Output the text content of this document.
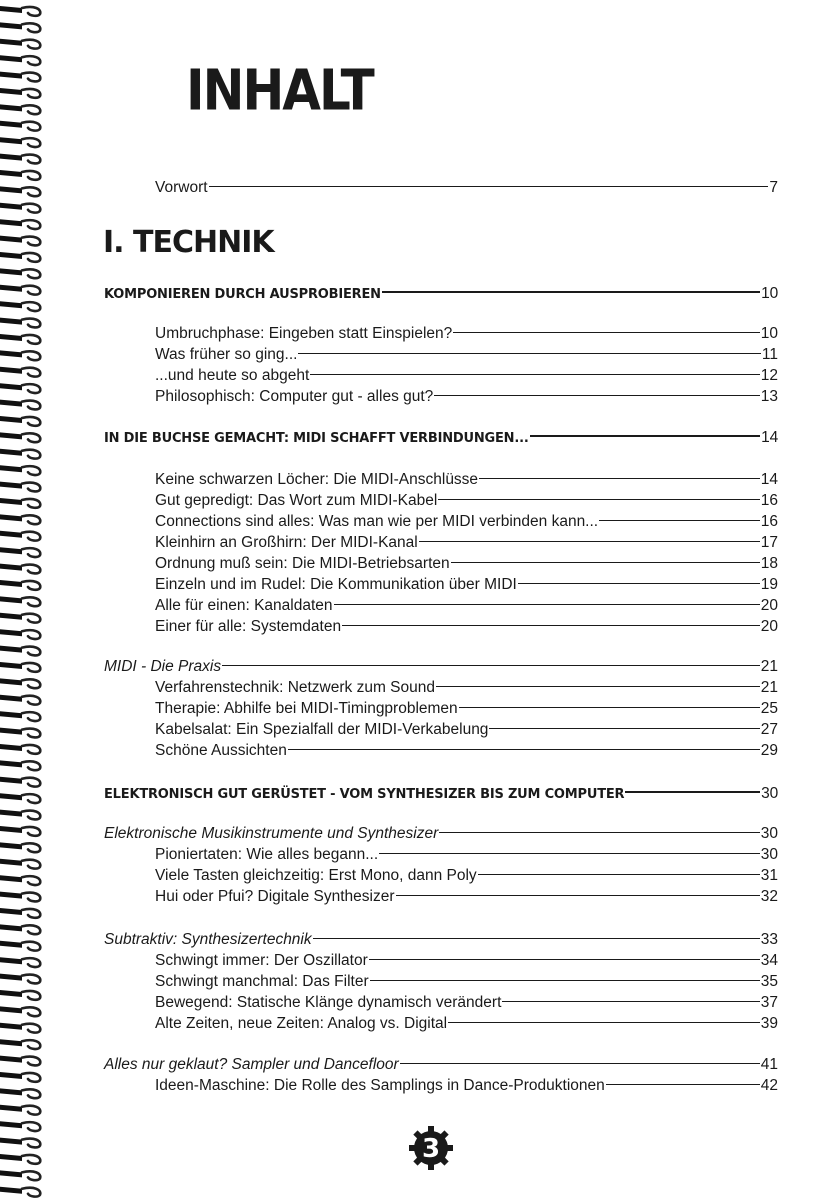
INHALT
Vorwort	7
I. TECHNIK
KOMPONIEREN DURCH AUSPROBIEREN	10
Umbruchphase: Eingeben statt Einspielen?	10
Was früher so ging...	11
...und heute so abgeht	12
Philosophisch: Computer gut - alles gut?	13
IN DIE BUCHSE GEMACHT: MIDI SCHAFFT VERBINDUNGEN...	14
Keine schwarzen Löcher: Die MIDI-Anschlüsse	14
Gut gepredigt: Das Wort zum MIDI-Kabel	16
Connections sind alles: Was man wie per MIDI verbinden kann...	16
Kleinhirn an Großhirn: Der MIDI-Kanal	17
Ordnung muß sein: Die MIDI-Betriebsarten	18
Einzeln und im Rudel: Die Kommunikation über MIDI	19
Alle für einen: Kanaldaten	20
Einer für alle: Systemdaten	20
MIDI - Die Praxis	21
Verfahrenstechnik: Netzwerk zum Sound	21
Therapie: Abhilfe bei MIDI-Timingproblemen	25
Kabelsalat: Ein Spezialfall der MIDI-Verkabelung	27
Schöne Aussichten	29
ELEKTRONISCH GUT GERÜSTET - VOM SYNTHESIZER BIS ZUM COMPUTER	30
Elektronische Musikinstrumente und Synthesizer	30
Pioniertaten: Wie alles begann...	30
Viele Tasten gleichzeitig: Erst Mono, dann Poly	31
Hui oder Pfui? Digitale Synthesizer	32
Subtraktiv: Synthesizertechnik	33
Schwingt immer: Der Oszillator	34
Schwingt manchmal: Das Filter	35
Bewegend: Statische Klänge dynamisch verändert	37
Alte Zeiten, neue Zeiten: Analog vs. Digital	39
Alles nur geklaut? Sampler und Dancefloor	41
Ideen-Maschine: Die Rolle des Samplings in Dance-Produktionen	42
3
